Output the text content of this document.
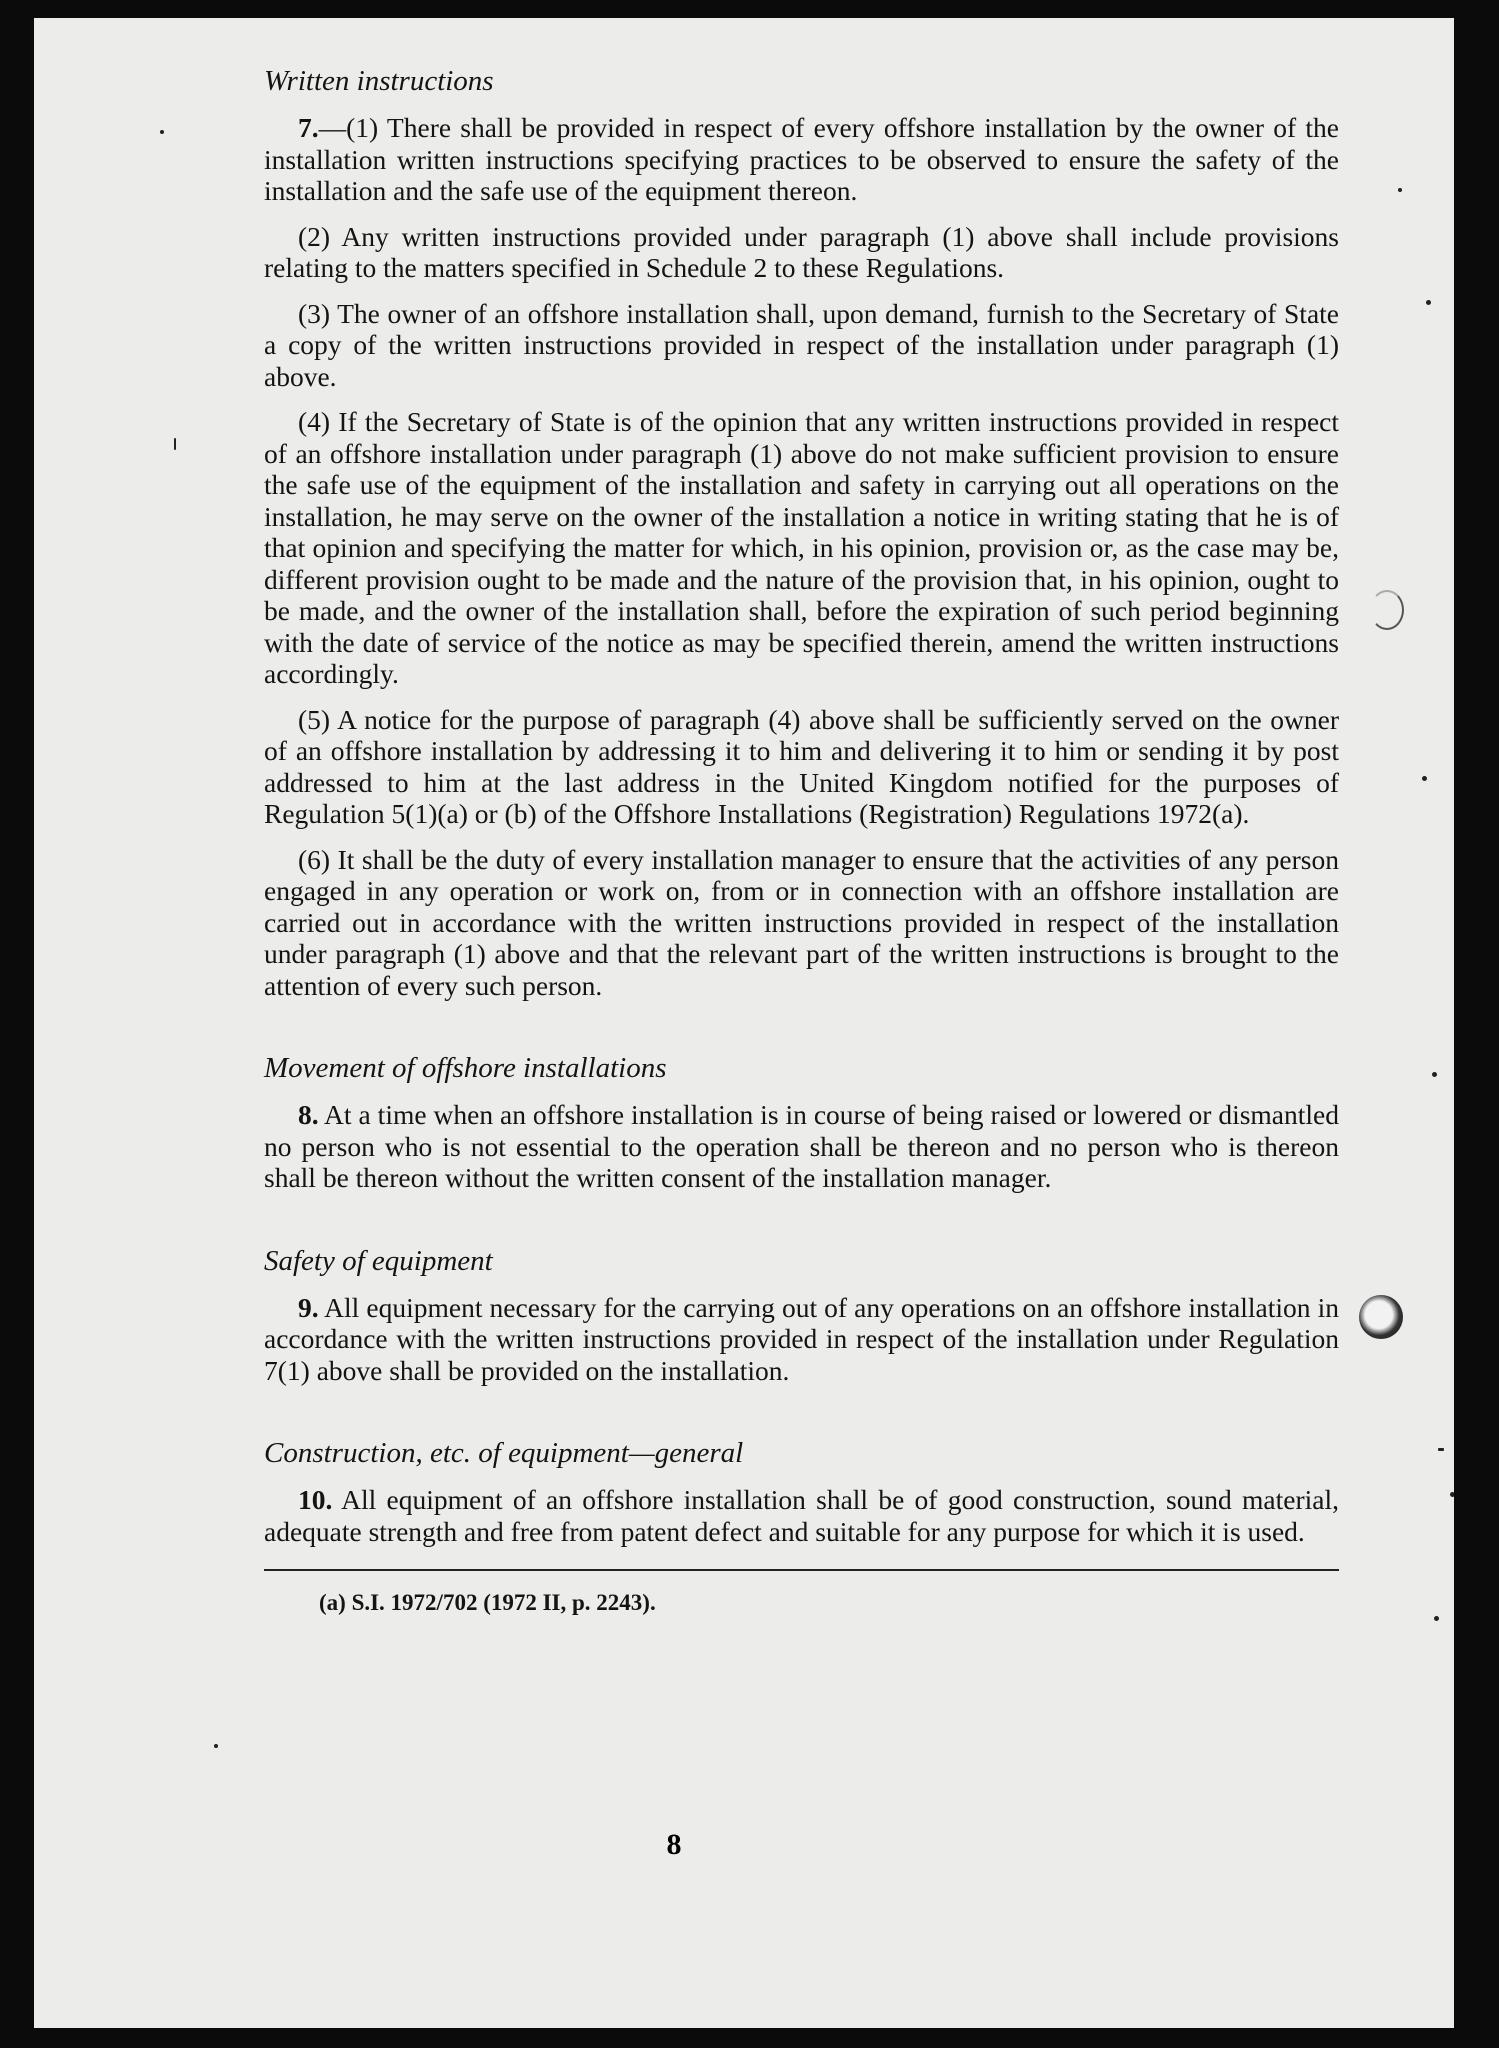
Written instructions

7.—(1) There shall be provided in respect of every offshore installation by the owner of the installation written instructions specifying practices to be observed to ensure the safety of the installation and the safe use of the equipment thereon.

(2) Any written instructions provided under paragraph (1) above shall include provisions relating to the matters specified in Schedule 2 to these Regulations.

(3) The owner of an offshore installation shall, upon demand, furnish to the Secretary of State a copy of the written instructions provided in respect of the installation under paragraph (1) above.

(4) If the Secretary of State is of the opinion that any written instructions provided in respect of an offshore installation under paragraph (1) above do not make sufficient provision to ensure the safe use of the equipment of the installation and safety in carrying out all operations on the installation, he may serve on the owner of the installation a notice in writing stating that he is of that opinion and specifying the matter for which, in his opinion, provision or, as the case may be, different provision ought to be made and the nature of the provision that, in his opinion, ought to be made, and the owner of the installation shall, before the expiration of such period beginning with the date of service of the notice as may be specified therein, amend the written instructions accordingly.

(5) A notice for the purpose of paragraph (4) above shall be sufficiently served on the owner of an offshore installation by addressing it to him and delivering it to him or sending it by post addressed to him at the last address in the United Kingdom notified for the purposes of Regulation 5(1)(a) or (b) of the Offshore Installations (Registration) Regulations 1972(a).

(6) It shall be the duty of every installation manager to ensure that the activities of any person engaged in any operation or work on, from or in connection with an offshore installation are carried out in accordance with the written instructions provided in respect of the installation under paragraph (1) above and that the relevant part of the written instructions is brought to the attention of every such person.

Movement of offshore installations

8. At a time when an offshore installation is in course of being raised or lowered or dismantled no person who is not essential to the operation shall be thereon and no person who is thereon shall be thereon without the written consent of the installation manager.

Safety of equipment

9. All equipment necessary for the carrying out of any operations on an offshore installation in accordance with the written instructions provided in respect of the installation under Regulation 7(1) above shall be provided on the installation.

Construction, etc. of equipment—general

10. All equipment of an offshore installation shall be of good construction, sound material, adequate strength and free from patent defect and suitable for any purpose for which it is used.

(a) S.I. 1972/702 (1972 II, p. 2243).
8
